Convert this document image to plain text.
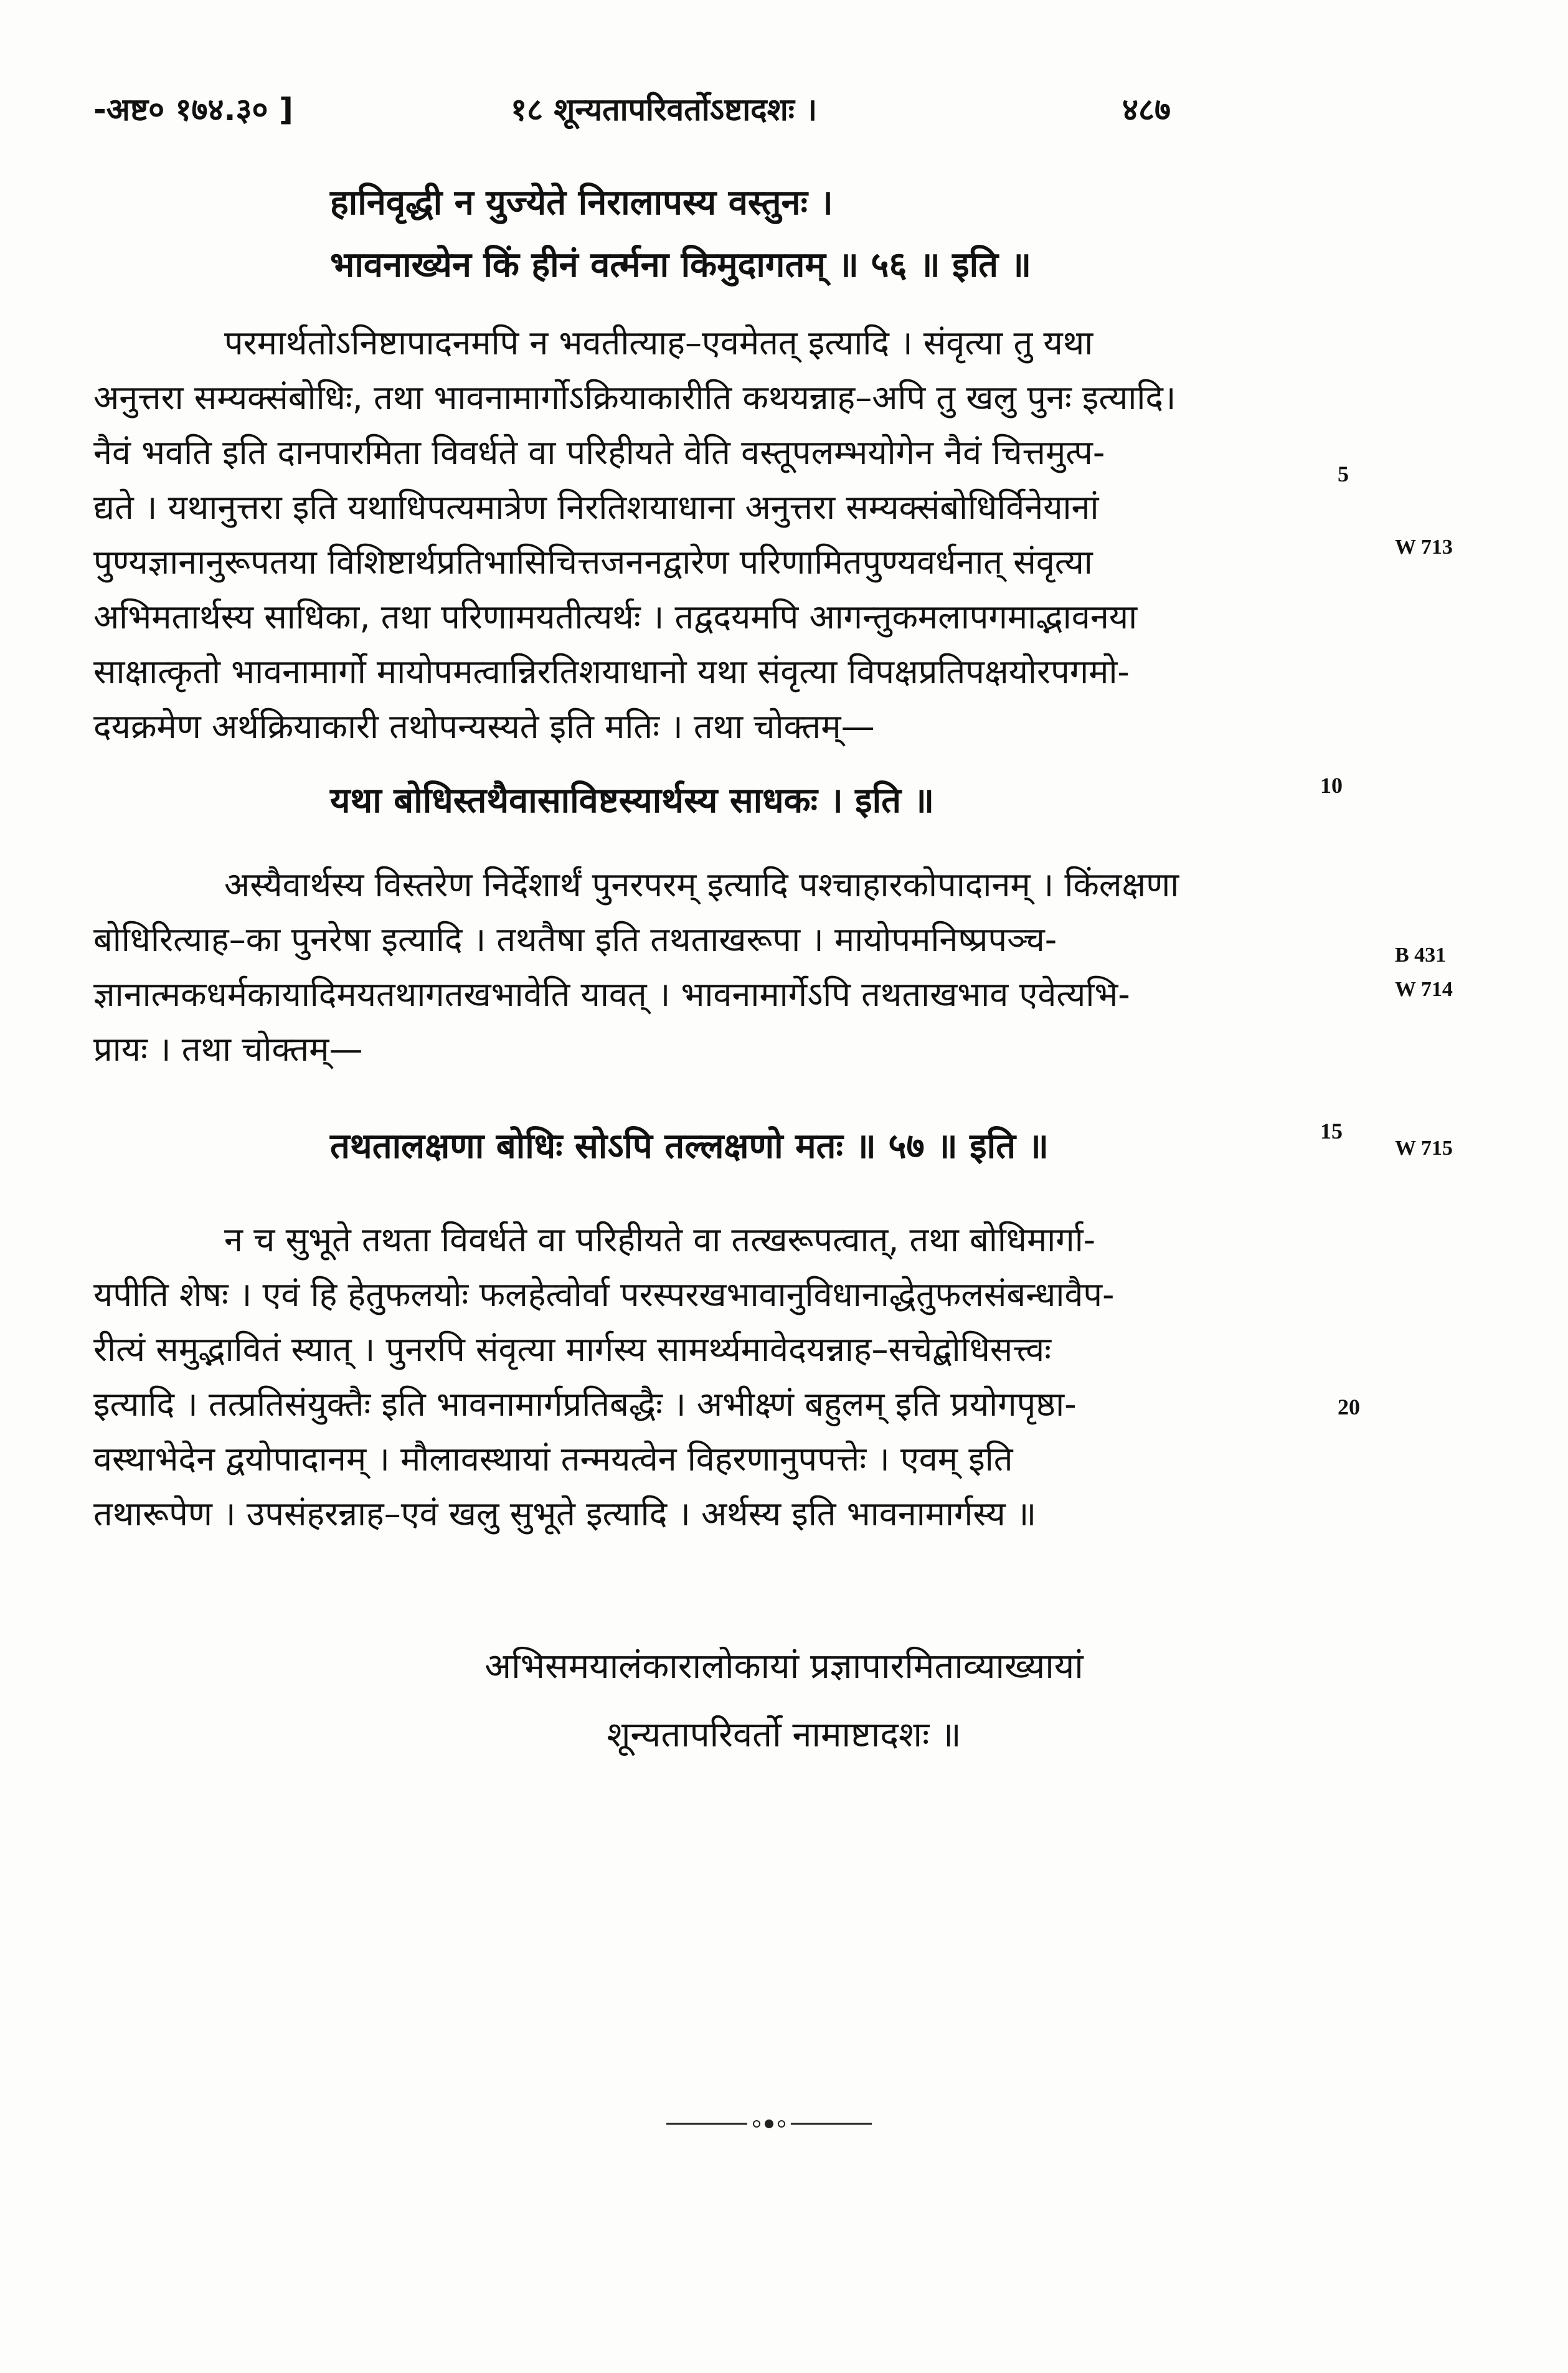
-अष्ट० १७४.३० ]	१८ शून्यतापरिवर्तोऽष्टादशः ।	४८७
हानिवृद्धी न युज्येते निरालापस्य वस्तुनः ।
भावनाख्येन किं हीनं वर्त्मना किमुदागतम् ॥ ५६ ॥ इति ॥
परमार्थतोऽनिष्टापादनमपि न भवतीत्याह–एवमेतत् इत्यादि । संवृत्या तु यथा
अनुत्तरा सम्यक्संबोधिः, तथा भावनामार्गोऽक्रियाकारीति कथयन्नाह–अपि तु खलु पुनः इत्यादि।
नैवं भवति इति दानपारमिता विवर्धते वा परिहीयते वेति वस्तूपलम्भयोगेन नैवं चित्तमुत्प-
द्यते । यथानुत्तरा इति यथाधिपत्यमात्रेण निरतिशयाधाना अनुत्तरा सम्यक्संबोधिर्विनेयानां
पुण्यज्ञानानुरूपतया विशिष्टार्थप्रतिभासिचित्तजननद्वारेण परिणामितपुण्यवर्धनात् संवृत्या
अभिमतार्थस्य साधिका, तथा परिणामयतीत्यर्थः । तद्वदयमपि आगन्तुकमलापगमाद्भावनया
साक्षात्कृतो भावनामार्गो मायोपमत्वान्निरतिशयाधानो यथा संवृत्या विपक्षप्रतिपक्षयोरपगमो-
दयक्रमेण अर्थक्रियाकारी तथोपन्यस्यते इति मतिः । तथा चोक्तम्—
यथा बोधिस्तथैवासाविष्टस्यार्थस्य साधकः । इति ॥
अस्यैवार्थस्य विस्तरेण निर्देशार्थं पुनरपरम् इत्यादि पश्चाहारकोपादानम् । किंलक्षणा
बोधिरित्याह–का पुनरेषा इत्यादि । तथतैषा इति तथताखरूपा । मायोपमनिष्प्रपञ्च-
ज्ञानात्मकधर्मकायादिमयतथागतखभावेति यावत् । भावनामार्गेऽपि तथताखभाव एवेत्यभि-
प्रायः । तथा चोक्तम्—
तथतालक्षणा बोधिः सोऽपि तल्लक्षणो मतः ॥ ५७ ॥ इति ॥
न च सुभूते तथता विवर्धते वा परिहीयते वा तत्खरूपत्वात्, तथा बोधिमार्गा-
यपीति शेषः । एवं हि हेतुफलयोः फलहेत्वोर्वा परस्परखभावानुविधानाद्धेतुफलसंबन्धावैप-
रीत्यं समुद्भावितं स्यात् । पुनरपि संवृत्या मार्गस्य सामर्थ्यमावेदयन्नाह–सचेद्बोधिसत्त्वः
इत्यादि । तत्प्रतिसंयुक्तैः इति भावनामार्गप्रतिबद्धैः । अभीक्ष्णं बहुलम् इति प्रयोगपृष्ठा-
वस्थाभेदेन द्वयोपादानम् । मौलावस्थायां तन्मयत्वेन विहरणानुपपत्तेः । एवम् इति
तथारूपेण । उपसंहरन्नाह–एवं खलु सुभूते इत्यादि । अर्थस्य इति भावनामार्गस्य ॥
अभिसमयालंकारालोकायां प्रज्ञापारमिताव्याख्यायां
शून्यतापरिवर्तो नामाष्टादशः ॥
5
10
15
20
W 713
B 431
W 714
W 715
